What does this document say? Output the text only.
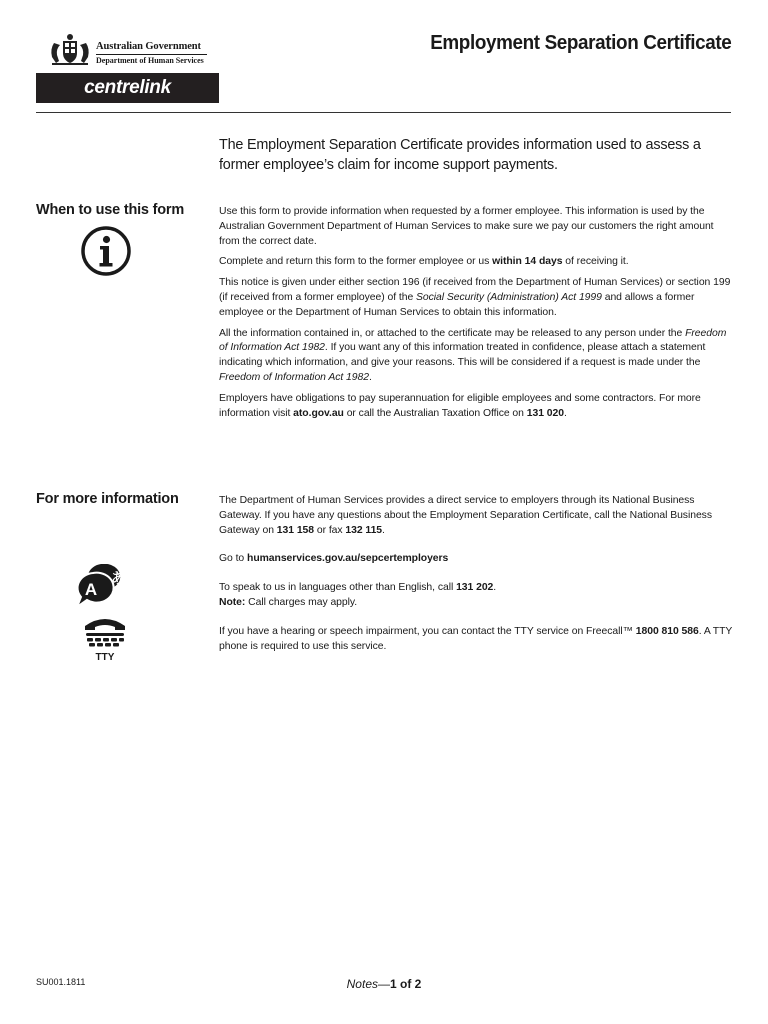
Australian Government
Department of Human Services
centrelink
Employment Separation Certificate
The Employment Separation Certificate provides information used to assess a former employee’s claim for income support payments.
When to use this form	Use this form to provide information when requested by a former employee. This information is used by the Australian Government Department of Human Services to make sure we pay our customers the right amount from the correct date.

Complete and return this form to the former employee or us within 14 days of receiving it.

This notice is given under either section 196 (if received from the Department of Human Services) or section 199 (if received from a former employee) of the Social Security (Administration) Act 1999 and allows a former employee or the Department of Human Services to obtain this information.

All the information contained in, or attached to the certificate may be released to any person under the Freedom of Information Act 1982. If you want any of this information treated in confidence, please attach a statement indicating which information, and give your reasons. This will be considered if a request is made under the Freedom of Information Act 1982.

Employers have obligations to pay superannuation for eligible employees and some contractors. For more information visit ato.gov.au or call the Australian Taxation Office on 131 020.

For more information
A
あ
TTY

The Department of Human Services provides a direct service to employers through its National Business Gateway. If you have any questions about the Employment Separation Certificate, call the National Business Gateway on 131 158 or fax 132 115.

Go to humanservices.gov.au/sepcertemployers

To speak to us in languages other than English, call 131 202.

Note: Call charges may apply.

If you have a hearing or speech impairment, you can contact the TTY service on Freecall™ 1800 810 586. A TTY phone is required to use this service.

SU001.1811	Notes—1 of 2
